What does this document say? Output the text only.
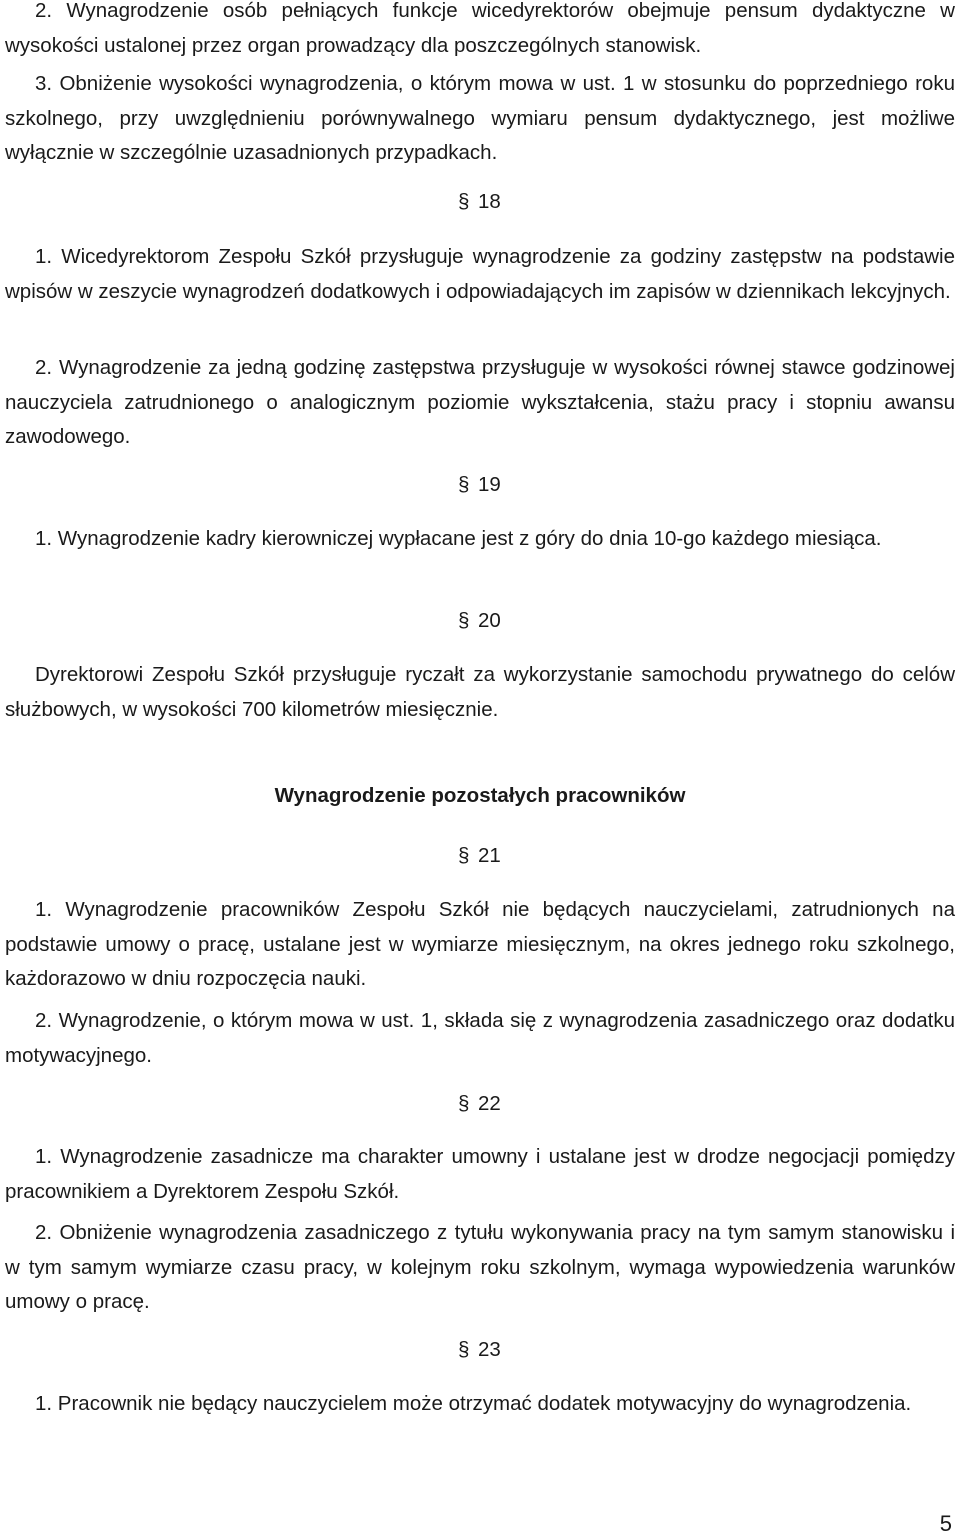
2. Wynagrodzenie osób pełniących funkcje wicedyrektorów obejmuje pensum dydaktyczne w wysokości ustalonej przez organ prowadzący dla poszczególnych stanowisk.

3. Obniżenie wysokości wynagrodzenia, o którym mowa w ust. 1 w stosunku do poprzedniego roku szkolnego, przy uwzględnieniu porównywalnego wymiaru pensum dydaktycznego, jest możliwe wyłącznie w szczególnie uzasadnionych przypadkach.

§ 18

1. Wicedyrektorom Zespołu Szkół przysługuje wynagrodzenie za godziny zastępstw na podstawie wpisów w zeszycie wynagrodzeń dodatkowych i odpowiadających im zapisów w dziennikach lekcyjnych.

2. Wynagrodzenie za jedną godzinę zastępstwa przysługuje w wysokości równej stawce godzinowej nauczyciela zatrudnionego o analogicznym poziomie wykształcenia, stażu pracy i stopniu awansu zawodowego.

§ 19

1. Wynagrodzenie kadry kierowniczej wypłacane jest z góry do dnia 10-go każdego miesiąca.

§ 20

Dyrektorowi Zespołu Szkół przysługuje ryczałt za wykorzystanie samochodu prywatnego do celów służbowych, w wysokości 700 kilometrów miesięcznie.

Wynagrodzenie pozostałych pracowników
§ 21

1. Wynagrodzenie pracowników Zespołu Szkół nie będących nauczycielami, zatrudnionych na podstawie umowy o pracę, ustalane jest w wymiarze miesięcznym, na okres jednego roku szkolnego, każdorazowo w dniu rozpoczęcia nauki.

2. Wynagrodzenie, o którym mowa w ust. 1, składa się z wynagrodzenia zasadniczego oraz dodatku motywacyjnego.

§ 22

1. Wynagrodzenie zasadnicze ma charakter umowny i ustalane jest w drodze negocjacji pomiędzy pracownikiem a Dyrektorem Zespołu Szkół.

2. Obniżenie wynagrodzenia zasadniczego z tytułu wykonywania pracy na tym samym stanowisku i w tym samym wymiarze czasu pracy, w kolejnym roku szkolnym, wymaga wypowiedzenia warunków umowy o pracę.

§ 23

1. Pracownik nie będący nauczycielem może otrzymać dodatek motywacyjny do wynagrodzenia.

5
